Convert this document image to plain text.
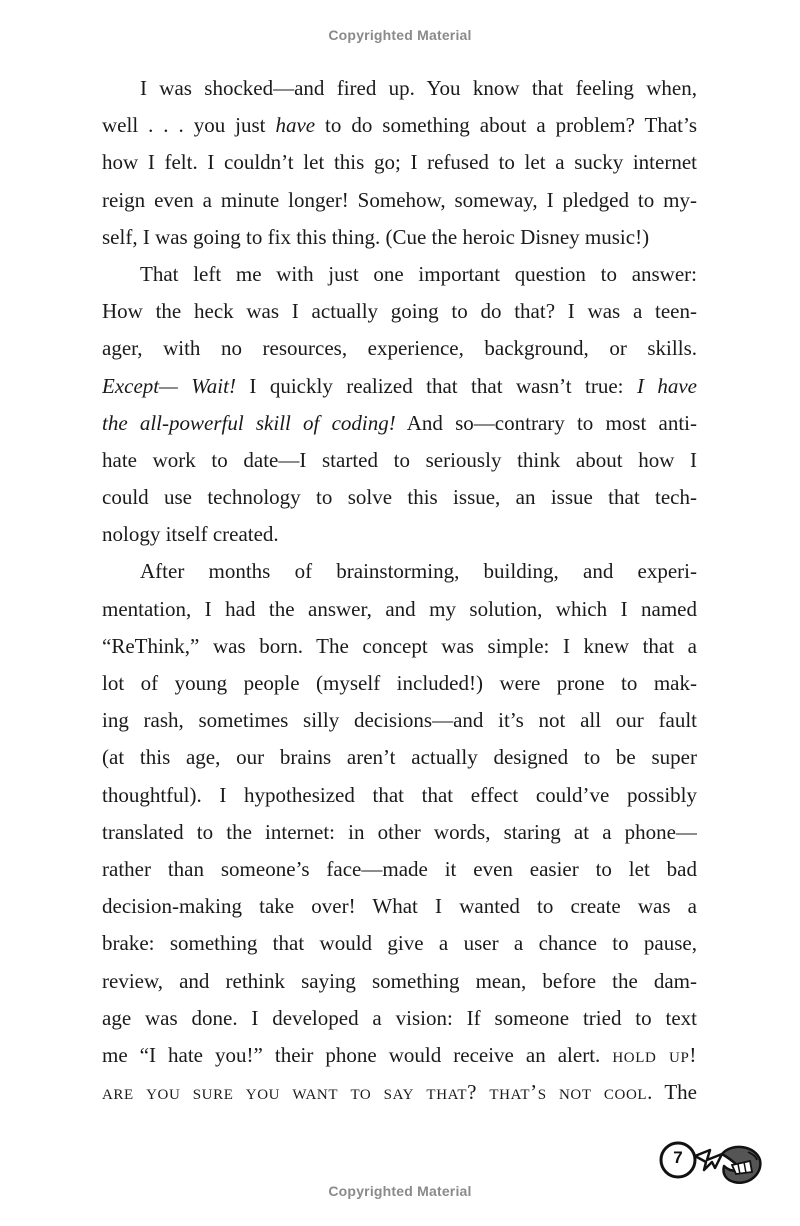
Copyrighted Material
I was shocked—and fired up. You know that feeling when,
well . . . you just have to do something about a problem? That’s
how I felt. I couldn’t let this go; I refused to let a sucky internet
reign even a minute longer! Somehow, someway, I pledged to my-
self, I was going to fix this thing. (Cue the heroic Disney music!)
That left me with just one important question to answer:
How the heck was I actually going to do that? I was a teen-
ager, with no resources, experience, background, or skills.
Except— Wait! I quickly realized that that wasn’t true: I have
the all-powerful skill of coding! And so—contrary to most anti-
hate work to date—I started to seriously think about how I
could use technology to solve this issue, an issue that tech-
nology itself created.
After months of brainstorming, building, and experi-
mentation, I had the answer, and my solution, which I named
“ReThink,” was born. The concept was simple: I knew that a
lot of young people (myself included!) were prone to mak-
ing rash, sometimes silly decisions—and it’s not all our fault
(at this age, our brains aren’t actually designed to be super
thoughtful). I hypothesized that that effect could’ve possibly
translated to the internet: in other words, staring at a phone—
rather than someone’s face—made it even easier to let bad
decision-making take over! What I wanted to create was a
brake: something that would give a user a chance to pause,
review, and rethink saying something mean, before the dam-
age was done. I developed a vision: If someone tried to text
me “I hate you!” their phone would receive an alert. hold up!
are you sure you want to say that? that’s not cool. The
7
Copyrighted Material
